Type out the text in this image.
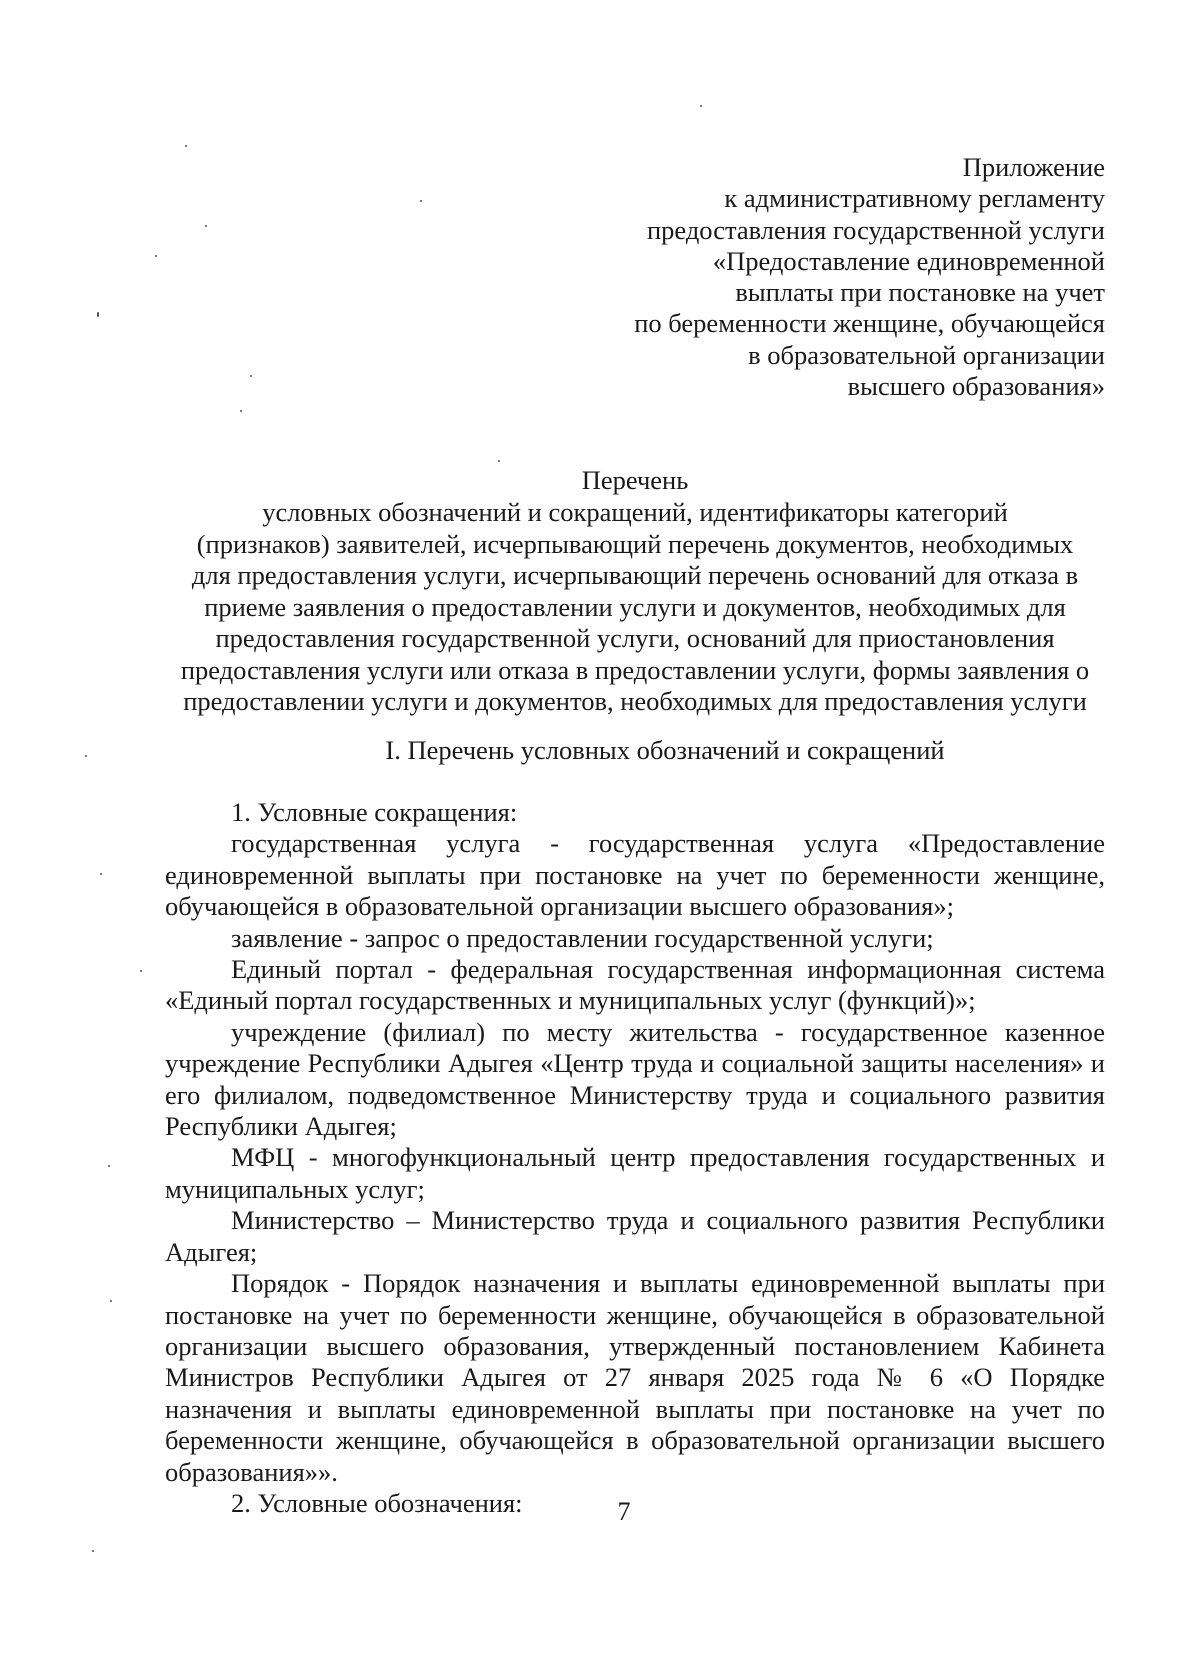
Приложение
к административному регламенту
предоставления государственной услуги
«Предоставление единовременной
выплаты при постановке на учет
по беременности женщине, обучающейся
в образовательной организации
высшего образования»
Перечень
условных обозначений и сокращений, идентификаторы категорий
(признаков) заявителей, исчерпывающий перечень документов, необходимых
для предоставления услуги, исчерпывающий перечень оснований для отказа в
приеме заявления о предоставлении услуги и документов, необходимых для
предоставления государственной услуги, оснований для приостановления
предоставления услуги или отказа в предоставлении услуги, формы заявления о
предоставлении услуги и документов, необходимых для предоставления услуги
I. Перечень условных обозначений и сокращений

1. Условные сокращения:

государственная услуга - государственная услуга «Предоставление единовременной выплаты при постановке на учет по беременности женщине, обучающейся в образовательной организации высшего образования»;

заявление - запрос о предоставлении государственной услуги;

Единый портал - федеральная государственная информационная система «Единый портал государственных и муниципальных услуг (функций)»;

учреждение (филиал) по месту жительства - государственное казенное учреждение Республики Адыгея «Центр труда и социальной защиты населения» и его филиалом, подведомственное Министерству труда и социального развития Республики Адыгея;

МФЦ - многофункциональный центр предоставления государственных и муниципальных услуг;

Министерство – Министерство труда и социального развития Республики Адыгея;

Порядок - Порядок назначения и выплаты единовременной выплаты при постановке на учет по беременности женщине, обучающейся в образовательной организации высшего образования, утвержденный постановлением Кабинета Министров Республики Адыгея от 27 января 2025 года № 6 «О Порядке назначения и выплаты единовременной выплаты при постановке на учет по беременности женщине, обучающейся в образовательной организации высшего образования»».

2. Условные обозначения:	7
